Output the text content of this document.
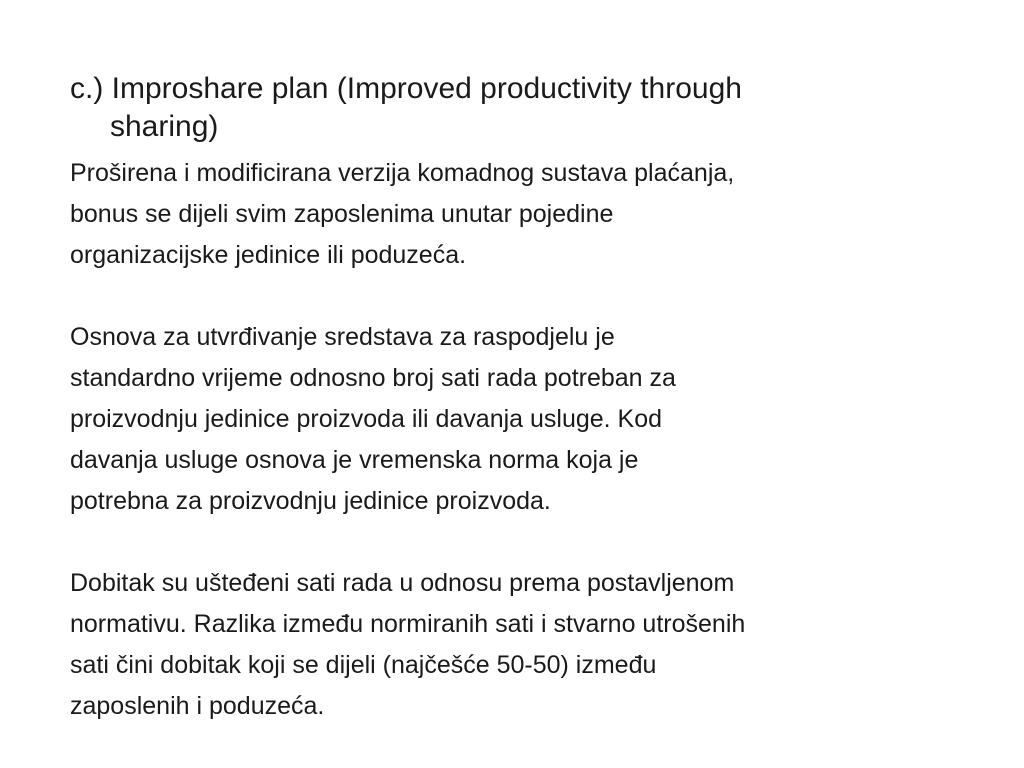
c.) Improshare plan (Improved productivity through
sharing)

Proširena i modificirana verzija komadnog sustava plaćanja,
bonus se dijeli svim zaposlenima unutar pojedine
organizacijske jedinice ili poduzeća.

Osnova za utvrđivanje sredstava za raspodjelu je
standardno vrijeme odnosno broj sati rada potreban za
proizvodnju jedinice proizvoda ili davanja usluge. Kod
davanja usluge osnova je vremenska norma koja je
potrebna za proizvodnju jedinice proizvoda.

Dobitak su uštеđeni sati rada u odnosu prema postavljenom
normativu. Razlika između normiranih sati i stvarno utrošenih
sati čini dobitak koji se dijeli (najčešće 50-50) između
zaposlenih i poduzeća.
